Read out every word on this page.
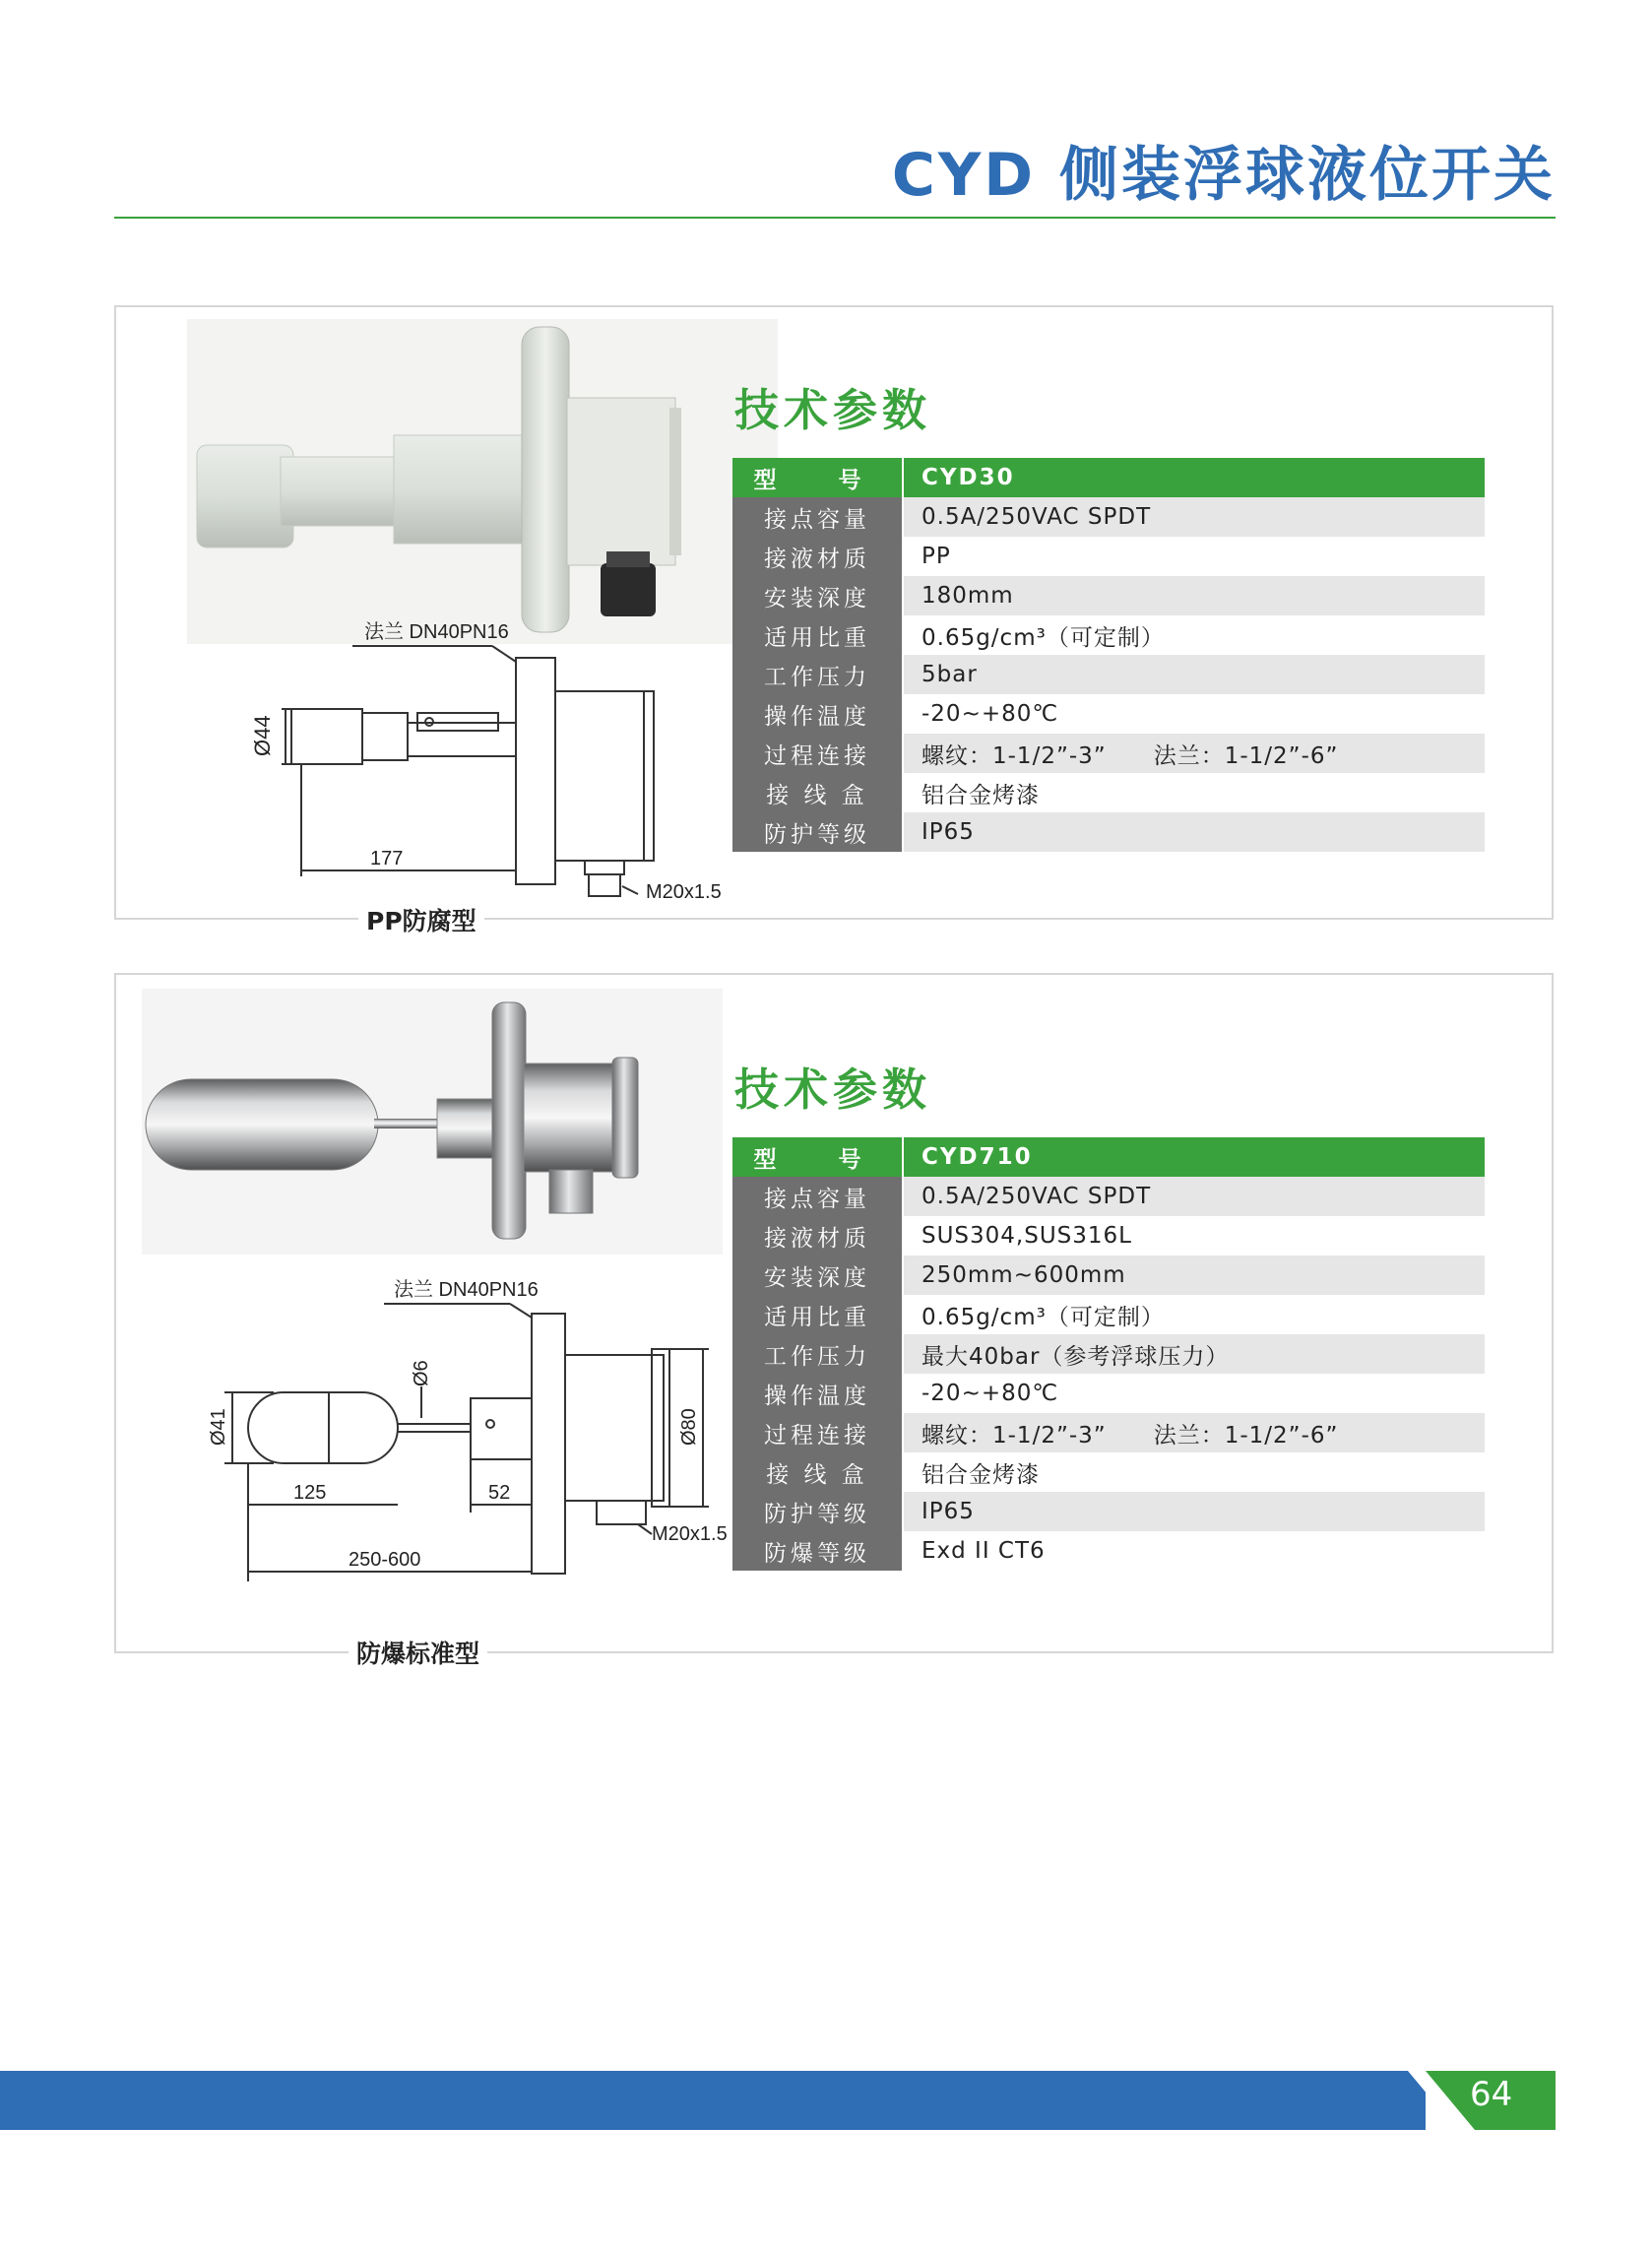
CYD 侧装浮球液位开关
法兰 DN40PN16
Ø44
177
M20x1.5
PP防腐型
技术参数
型　号	CYD30
接点容量	0.5A/250VAC SPDT
接液材质	PP
安装深度	180mm
适用比重	0.65g/cm³（可定制）
工作压力	5bar
操作温度	-20~+80℃
过程连接	螺纹：1-1/2”-3”　　法兰：1-1/2”-6”
接 线 盒	铝合金烤漆
防护等级	IP65
法兰 DN40PN16
Ø80
Ø41
Ø6
125	52
250-600
M20x1.5
防爆标准型
技术参数
型　号	CYD710
接点容量	0.5A/250VAC SPDT
接液材质	SUS304,SUS316L
安装深度	250mm~600mm
适用比重	0.65g/cm³（可定制）
工作压力	最大40bar（参考浮球压力）
操作温度	-20~+80℃
过程连接	螺纹：1-1/2”-3”　　法兰：1-1/2”-6”
接 线 盒	铝合金烤漆
防护等级	IP65
防爆等级	Exd II CT6
64
